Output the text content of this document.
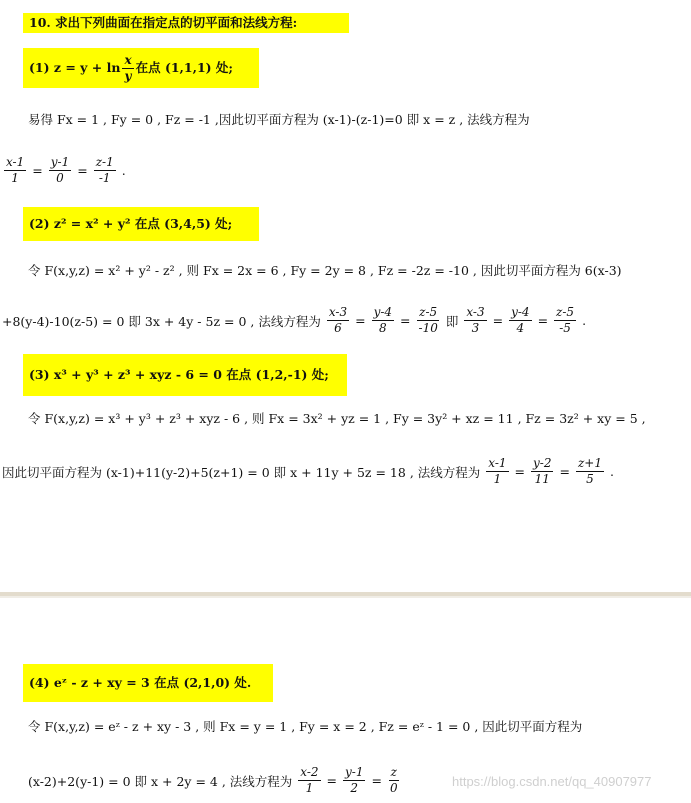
10. 求出下列曲面在指定点的切平面和法线方程:
(1) $z = y + \ln \frac{x}{y}$ 在点 (1,1,1) 处;
易得 Fx = 1 , Fy = 0 , Fz = -1 ,因此切平面方程为 (x-1)-(z-1)=0 即 x = z , 法线方程为
$\frac{x-1}{1} = \frac{y-1}{0} = \frac{z-1}{-1}$ .
(2) z² = x² + y² 在点 (3,4,5) 处;
令 F(x,y,z) = x² + y² - z² , 则 Fx = 2x = 6 , Fy = 2y = 8 , Fz = -2z = -10 , 因此切平面方程为 6(x-3)
+8(y-4)-10(z-5) = 0 即 3x + 4y - 5z = 0 , 法线方程为 $\frac{x-3}{6} = \frac{y-4}{8} = \frac{z-5}{-10}$ 即 $\frac{x-3}{3} = \frac{y-4}{4} = \frac{z-5}{-5}$ .
(3) x³ + y³ + z³ + xyz - 6 = 0 在点 (1,2,-1) 处;
令 F(x,y,z) = x³ + y³ + z³ + xyz - 6 , 则 Fx = 3x² + yz = 1 , Fy = 3y² + xz = 11 , Fz = 3z² + xy = 5 ,
因此切平面方程为 (x-1)+11(y-2)+5(z+1) = 0 即 x + 11y + 5z = 18 , 法线方程为 $\frac{x-1}{1} = \frac{y-2}{11} = \frac{z+1}{5}$ .
(4) eᶻ - z + xy = 3 在点 (2,1,0) 处.
令 F(x,y,z) = eᶻ - z + xy - 3 , 则 Fx = y = 1 , Fy = x = 2 , Fz = eᶻ - 1 = 0 , 因此切平面方程为
(x-2)+2(y-1) = 0 即 x + 2y = 4 , 法线方程为 $\frac{x-2}{1} = \frac{y-1}{2} = \frac{z}{0}$	https://blog.csdn.net/qq_40907977
